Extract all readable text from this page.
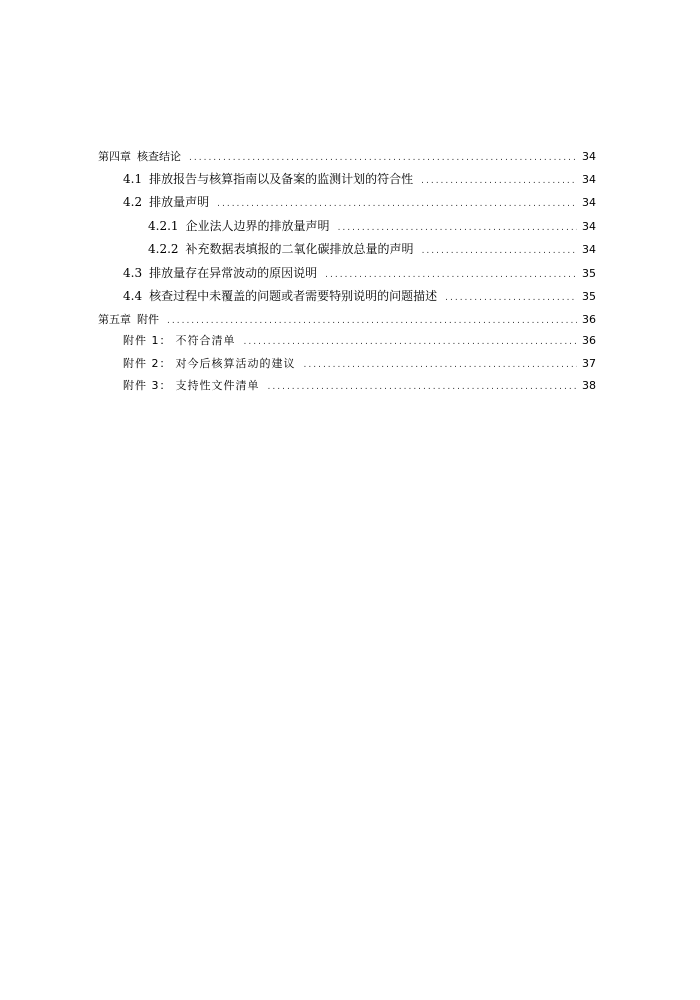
第四章 核查结论 .....	34
4.1 排放报告与核算指南以及备案的监测计划的符合性 .....	34
4.2 排放量声明 .....	34
4.2.1 企业法人边界的排放量声明 .....	34
4.2.2 补充数据表填报的二氧化碳排放总量的声明 .....	34
4.3 排放量存在异常波动的原因说明 .....	35
4.4 核查过程中未覆盖的问题或者需要特别说明的问题描述 .....	35
第五章 附件 .....	36
附件 1： 不符合清单 .....	36
附件 2： 对今后核算活动的建议 .....	37
附件 3： 支持性文件清单 .....	38
